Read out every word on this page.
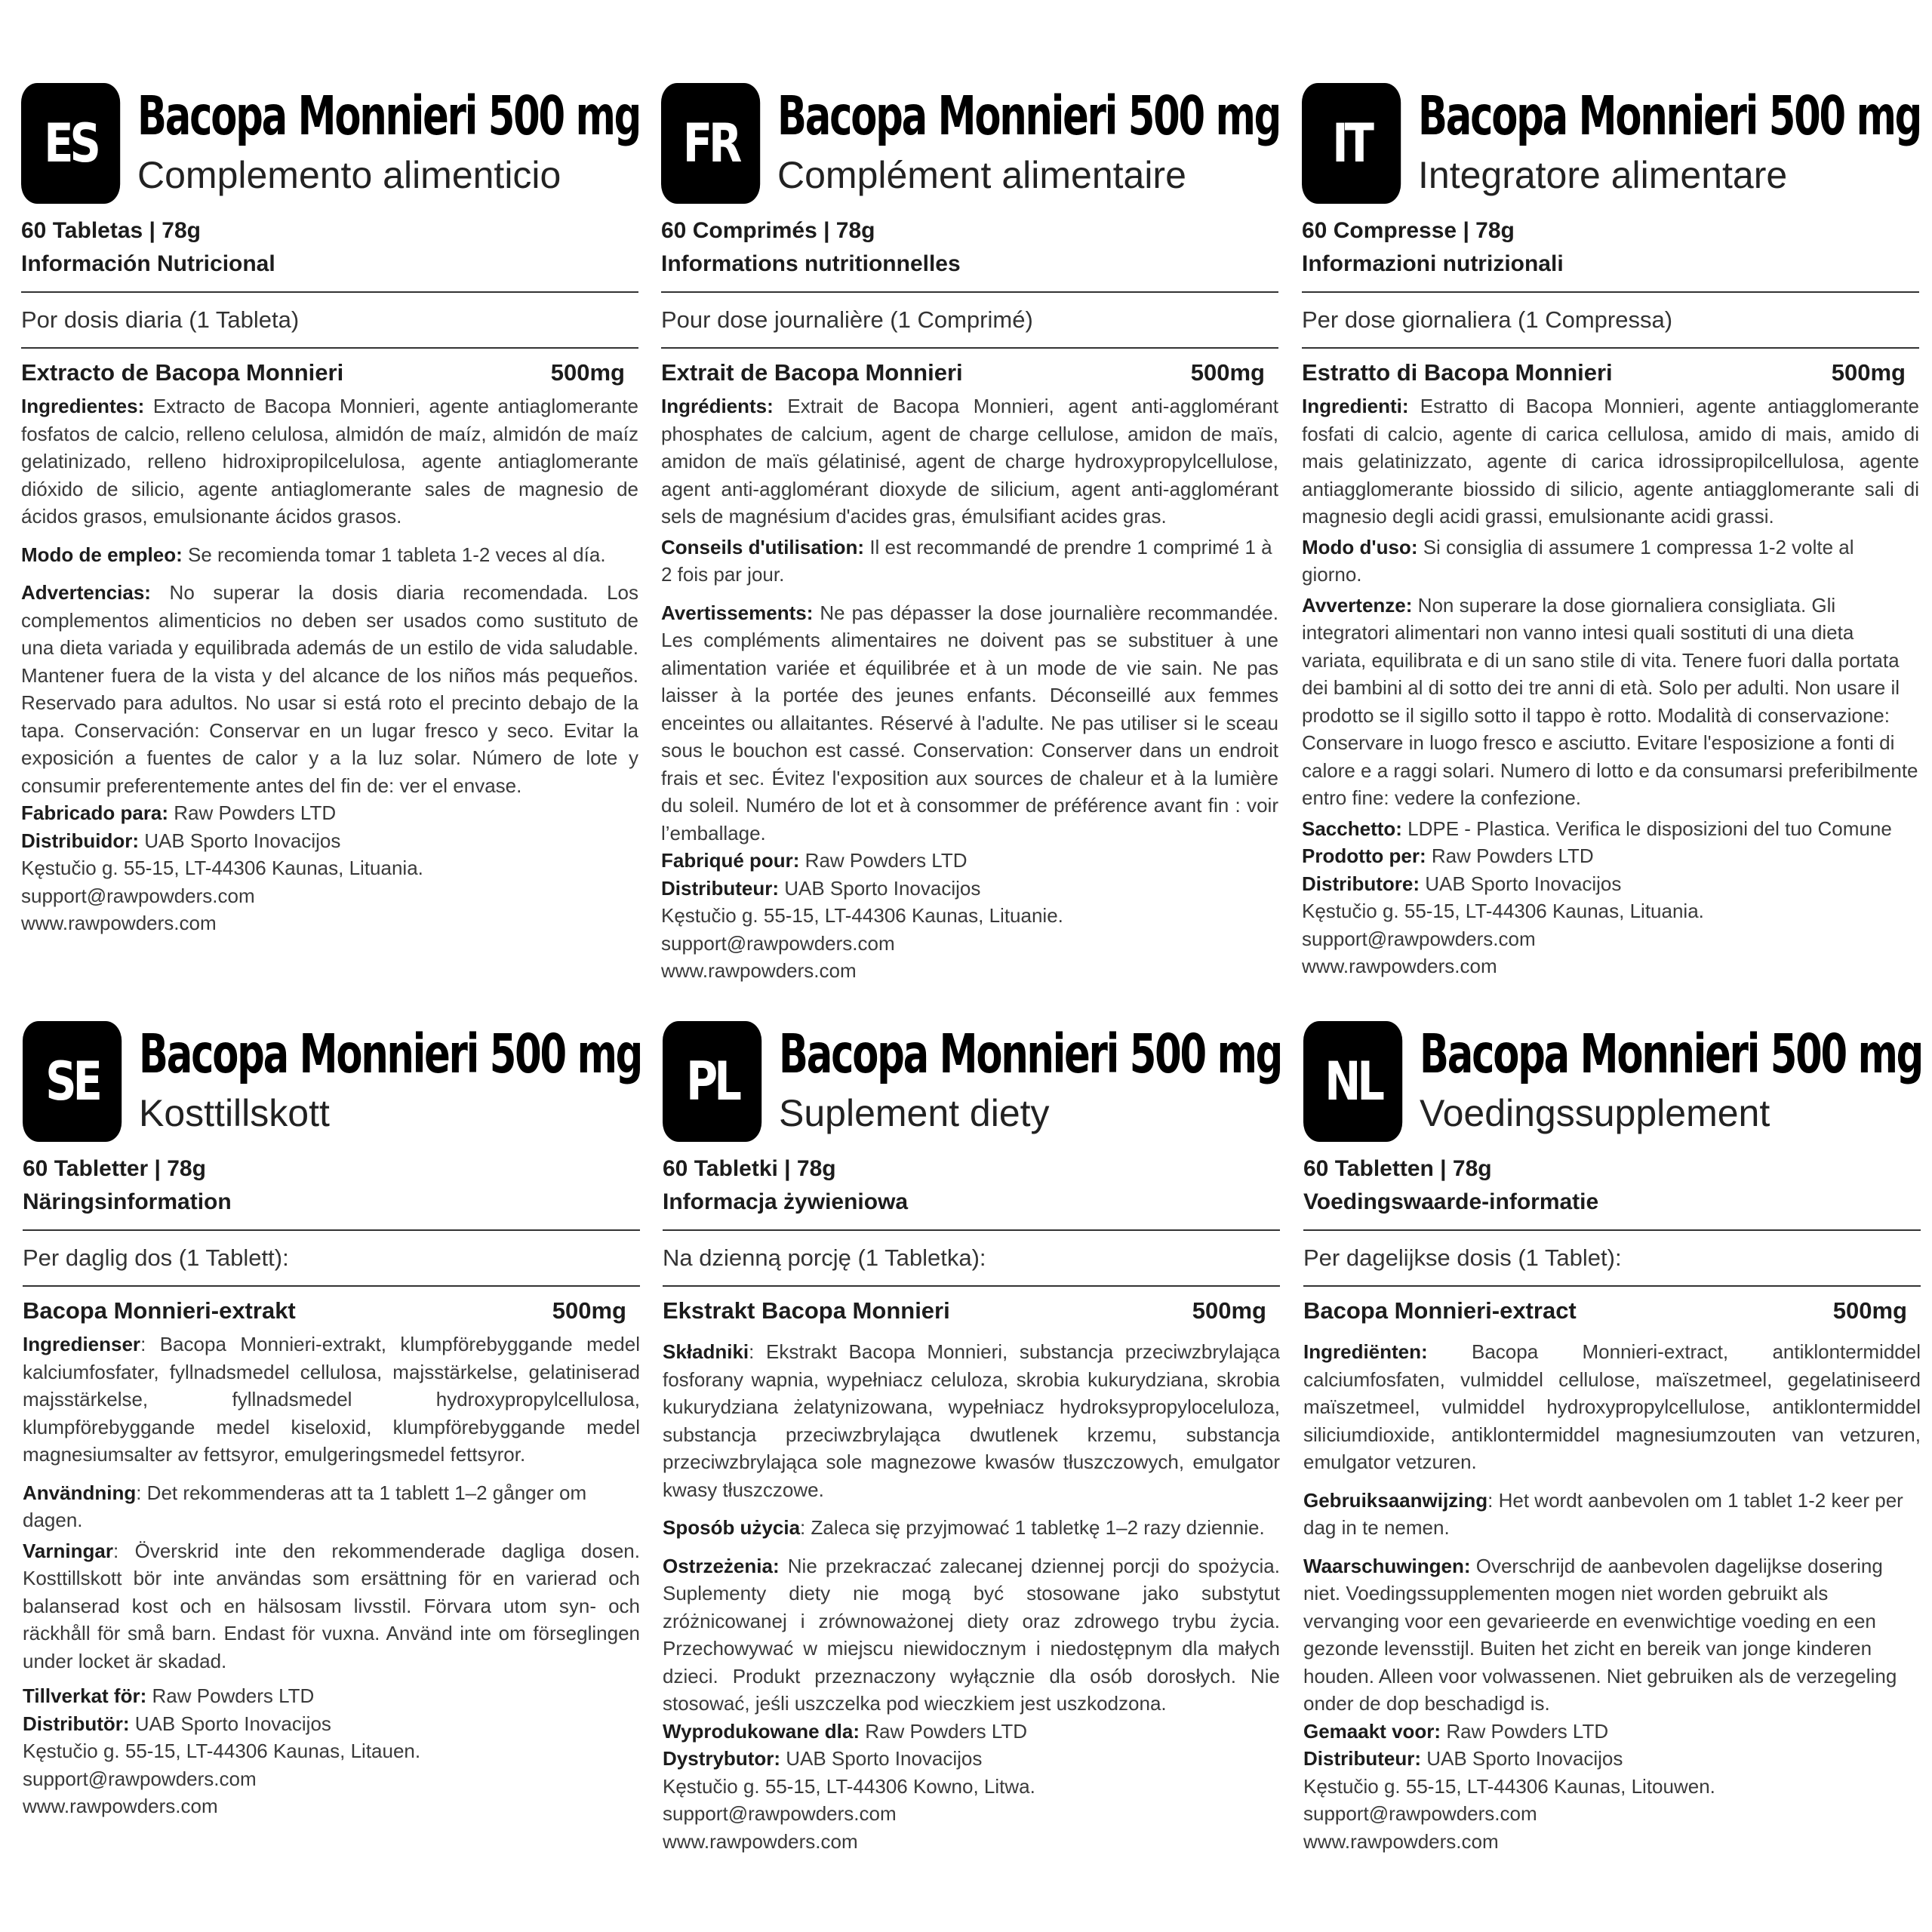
ES Bacopa Monnieri 500 mg
Complemento alimenticio
60 Tabletas | 78g
Información Nutricional
Por dosis diaria (1 Tableta)
Extracto de Bacopa Monnieri	500mg
Ingredientes: Extracto de Bacopa Monnieri, agente antiaglomerante fosfatos de calcio, relleno celulosa, almidón de maíz, almidón de maíz gelatinizado, relleno hidroxipropilcelulosa, agente antiaglomerante dióxido de silicio, agente antiaglomerante sales de magnesio de ácidos grasos, emulsionante ácidos grasos.
Modo de empleo: Se recomienda tomar 1 tableta 1-2 veces al día.
Advertencias: No superar la dosis diaria recomendada. Los complementos alimenticios no deben ser usados como sustituto de una dieta variada y equilibrada además de un estilo de vida saludable. Mantener fuera de la vista y del alcance de los niños más pequeños. Reservado para adultos. No usar si está roto el precinto debajo de la tapa. Conservación: Conservar en un lugar fresco y seco. Evitar la exposición a fuentes de calor y a la luz solar. Número de lote y consumir preferentemente antes del fin de: ver el envase.
Fabricado para: Raw Powders LTD
Distribuidor: UAB Sporto Inovacijos
Kęstučio g. 55-15, LT-44306 Kaunas, Lituania.
support@rawpowders.com
www.rawpowders.com
FR Bacopa Monnieri 500 mg
Complément alimentaire
60 Comprimés | 78g
Informations nutritionnelles
Pour dose journalière (1 Comprimé)
Extrait de Bacopa Monnieri	500mg
Ingrédients: Extrait de Bacopa Monnieri, agent anti-agglomérant phosphates de calcium, agent de charge cellulose, amidon de maïs, amidon de maïs gélatinisé, agent de charge hydroxypropylcellulose, agent anti-agglomérant dioxyde de silicium, agent anti-agglomérant sels de magnésium d'acides gras, émulsifiant acides gras.
Conseils d'utilisation: Il est recommandé de prendre 1 comprimé 1 à 2 fois par jour.
Avertissements: Ne pas dépasser la dose journalière recommandée. Les compléments alimentaires ne doivent pas se substituer à une alimentation variée et équilibrée et à un mode de vie sain. Ne pas laisser à la portée des jeunes enfants. Déconseillé aux femmes enceintes ou allaitantes. Réservé à l'adulte. Ne pas utiliser si le sceau sous le bouchon est cassé. Conservation: Conserver dans un endroit frais et sec. Évitez l'exposition aux sources de chaleur et à la lumière du soleil. Numéro de lot et à consommer de préférence avant fin : voir l’emballage.
Fabriqué pour: Raw Powders LTD
Distributeur: UAB Sporto Inovacijos
Kęstučio g. 55-15, LT-44306 Kaunas, Lituanie.
support@rawpowders.com
www.rawpowders.com
IT Bacopa Monnieri 500 mg
Integratore alimentare
60 Compresse | 78g
Informazioni nutrizionali
Per dose giornaliera (1 Compressa)
Estratto di Bacopa Monnieri	500mg
Ingredienti: Estratto di Bacopa Monnieri, agente antiagglomerante fosfati di calcio, agente di carica cellulosa, amido di mais, amido di mais gelatinizzato, agente di carica idrossipropilcellulosa, agente antiagglomerante biossido di silicio, agente antiagglomerante sali di magnesio degli acidi grassi, emulsionante acidi grassi.
Modo d'uso: Si consiglia di assumere 1 compressa 1-2 volte al giorno.
Avvertenze: Non superare la dose giornaliera consigliata. Gli integratori alimentari non vanno intesi quali sostituti di una dieta variata, equilibrata e di un sano stile di vita. Tenere fuori dalla portata dei bambini al di sotto dei tre anni di età. Solo per adulti. Non usare il prodotto se il sigillo sotto il tappo è rotto. Modalità di conservazione: Conservare in luogo fresco e asciutto. Evitare l'esposizione a fonti di calore e a raggi solari. Numero di lotto e da consumarsi preferibilmente entro fine: vedere la confezione.
Sacchetto: LDPE - Plastica. Verifica le disposizioni del tuo Comune
Prodotto per: Raw Powders LTD
Distributore: UAB Sporto Inovacijos
Kęstučio g. 55-15, LT-44306 Kaunas, Lituania.
support@rawpowders.com
www.rawpowders.com
SE Bacopa Monnieri 500 mg
Kosttillskott
60 Tabletter | 78g
Näringsinformation
Per daglig dos (1 Tablett):
Bacopa Monnieri-extrakt	500mg
Ingredienser: Bacopa Monnieri-extrakt, klumpförebyggande medel kalciumfosfater, fyllnadsmedel cellulosa, majsstärkelse, gelatiniserad majsstärkelse, fyllnadsmedel hydroxypropylcellulosa, klumpförebyggande medel kiseloxid, klumpförebyggande medel magnesiumsalter av fettsyror, emulgeringsmedel fettsyror.
Användning: Det rekommenderas att ta 1 tablett 1–2 gånger om dagen.
Varningar: Överskrid inte den rekommenderade dagliga dosen. Kosttillskott bör inte användas som ersättning för en varierad och balanserad kost och en hälsosam livsstil. Förvara utom syn- och räckhåll för små barn. Endast för vuxna. Använd inte om förseglingen under locket är skadad.
Tillverkat för: Raw Powders LTD
Distributör: UAB Sporto Inovacijos
Kęstučio g. 55-15, LT-44306 Kaunas, Litauen.
support@rawpowders.com
www.rawpowders.com
PL Bacopa Monnieri 500 mg
Suplement diety
60 Tabletki | 78g
Informacja żywieniowa
Na dzienną porcję (1 Tabletka):
Ekstrakt Bacopa Monnieri	500mg
Składniki: Ekstrakt Bacopa Monnieri, substancja przeciwzbrylająca fosforany wapnia, wypełniacz celuloza, skrobia kukurydziana, skrobia kukurydziana żelatynizowana, wypełniacz hydroksypropyloceluloza, substancja przeciwzbrylająca dwutlenek krzemu, substancja przeciwzbrylająca sole magnezowe kwasów tłuszczowych, emulgator kwasy tłuszczowe.
Sposób użycia: Zaleca się przyjmować 1 tabletkę 1–2 razy dziennie.
Ostrzeżenia: Nie przekraczać zalecanej dziennej porcji do spożycia. Suplementy diety nie mogą być stosowane jako substytut zróżnicowanej i zrównoważonej diety oraz zdrowego trybu życia. Przechowywać w miejscu niewidocznym i niedostępnym dla małych dzieci. Produkt przeznaczony wyłącznie dla osób dorosłych. Nie stosować, jeśli uszczelka pod wieczkiem jest uszkodzona.
Wyprodukowane dla: Raw Powders LTD
Dystrybutor: UAB Sporto Inovacijos
Kęstučio g. 55-15, LT-44306 Kowno, Litwa.
support@rawpowders.com
www.rawpowders.com
NL Bacopa Monnieri 500 mg
Voedingssupplement
60 Tabletten | 78g
Voedingswaarde-informatie
Per dagelijkse dosis (1 Tablet):
Bacopa Monnieri-extract	500mg
Ingrediënten: Bacopa Monnieri-extract, antiklontermiddel calciumfosfaten, vulmiddel cellulose, maïszetmeel, gegelatiniseerd maïszetmeel, vulmiddel hydroxypropylcellulose, antiklontermiddel siliciumdioxide, antiklontermiddel magnesiumzouten van vetzuren, emulgator vetzuren.
Gebruiksaanwijzing: Het wordt aanbevolen om 1 tablet 1-2 keer per dag in te nemen.
Waarschuwingen: Overschrijd de aanbevolen dagelijkse dosering niet. Voedingssupplementen mogen niet worden gebruikt als vervanging voor een gevarieerde en evenwichtige voeding en een gezonde levensstijl. Buiten het zicht en bereik van jonge kinderen houden. Alleen voor volwassenen. Niet gebruiken als de verzegeling onder de dop beschadigd is.
Gemaakt voor: Raw Powders LTD
Distributeur: UAB Sporto Inovacijos
Kęstučio g. 55-15, LT-44306 Kaunas, Litouwen.
support@rawpowders.com
www.rawpowders.com
